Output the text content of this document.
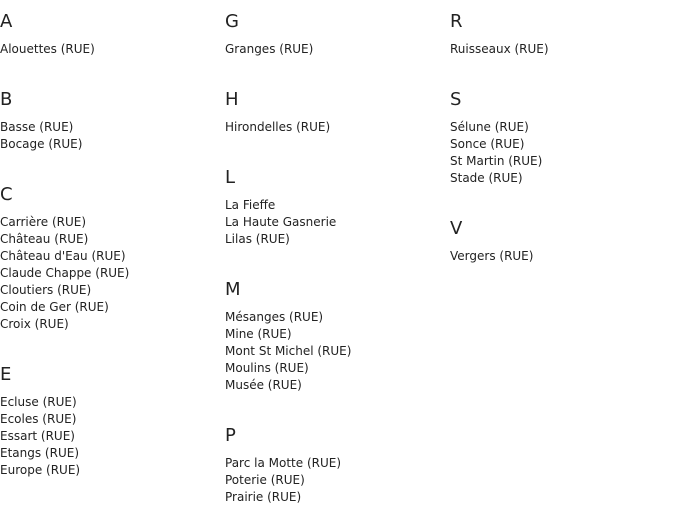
A
Alouettes (RUE)
B
Basse (RUE)
Bocage (RUE)
C
Carrière (RUE)
Château (RUE)
Château d'Eau (RUE)
Claude Chappe (RUE)
Cloutiers (RUE)
Coin de Ger (RUE)
Croix (RUE)
E
Ecluse (RUE)
Ecoles (RUE)
Essart (RUE)
Etangs (RUE)
Europe (RUE)
G
Granges (RUE)
H
Hirondelles (RUE)
L
La Fieffe
La Haute Gasnerie
Lilas (RUE)
M
Mésanges (RUE)
Mine (RUE)
Mont St Michel (RUE)
Moulins (RUE)
Musée (RUE)
P
Parc la Motte (RUE)
Poterie (RUE)
Prairie (RUE)
R
Ruisseaux (RUE)
S
Sélune (RUE)
Sonce (RUE)
St Martin (RUE)
Stade (RUE)
V
Vergers (RUE)
